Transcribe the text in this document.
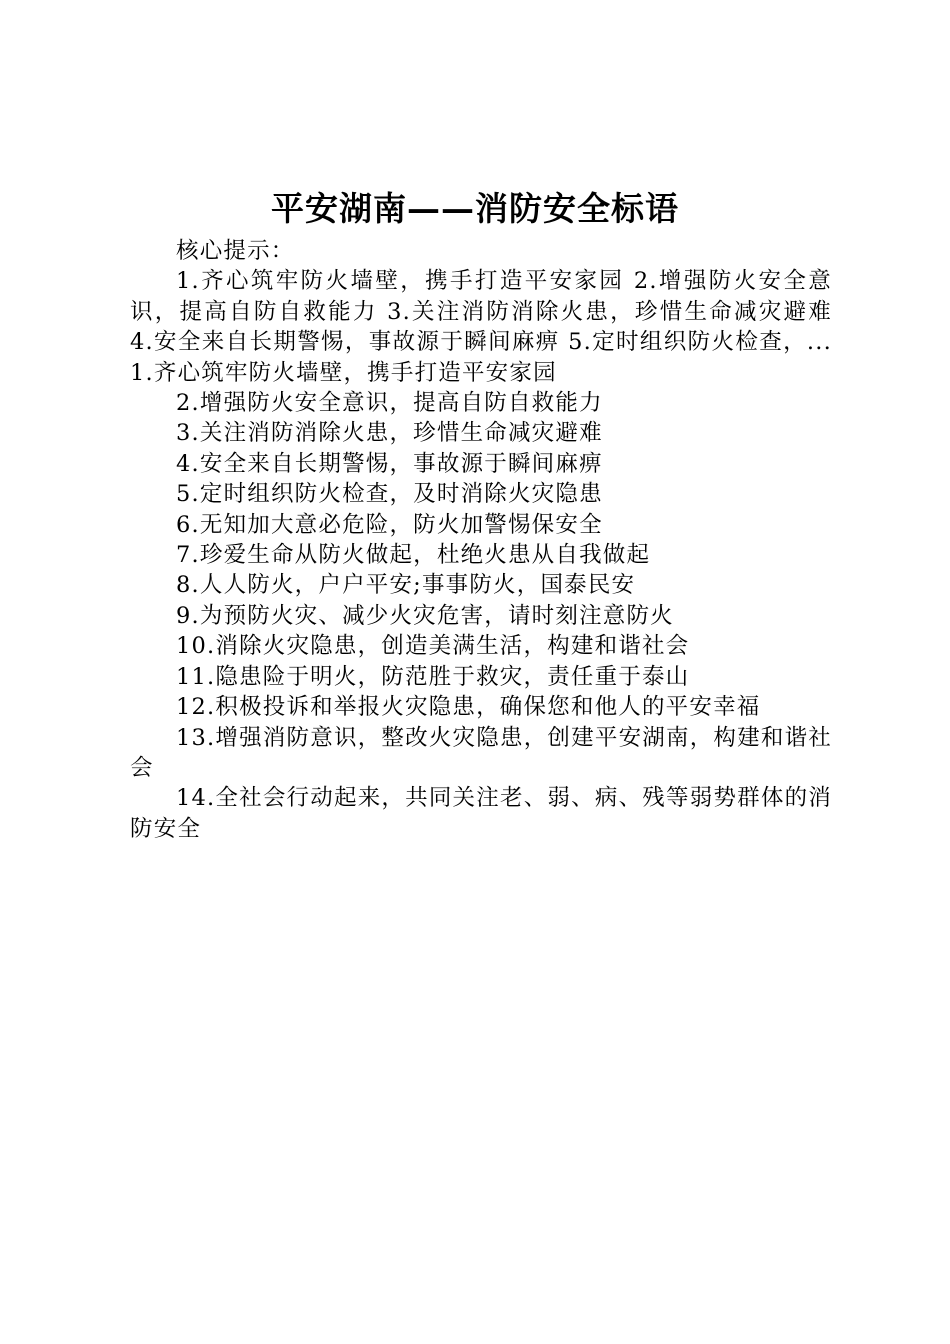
平安湖南——消防安全标语

核心提示：

1.齐心筑牢防火墙壁，携手打造平安家园 2.增强防火安全意识，提高自防自救能力 3.关注消防消除火患，珍惜生命减灾避难 4.安全来自长期警惕，事故源于瞬间麻痹 5.定时组织防火检查，...1.齐心筑牢防火墙壁，携手打造平安家园

2.增强防火安全意识，提高自防自救能力

3.关注消防消除火患，珍惜生命减灾避难

4.安全来自长期警惕，事故源于瞬间麻痹

5.定时组织防火检查，及时消除火灾隐患

6.无知加大意必危险，防火加警惕保安全

7.珍爱生命从防火做起，杜绝火患从自我做起

8.人人防火，户户平安;事事防火，国泰民安

9.为预防火灾、减少火灾危害，请时刻注意防火

10.消除火灾隐患，创造美满生活，构建和谐社会

11.隐患险于明火，防范胜于救灾，责任重于泰山

12.积极投诉和举报火灾隐患，确保您和他人的平安幸福

13.增强消防意识，整改火灾隐患，创建平安湖南，构建和谐社会

14.全社会行动起来，共同关注老、弱、病、残等弱势群体的消防安全
